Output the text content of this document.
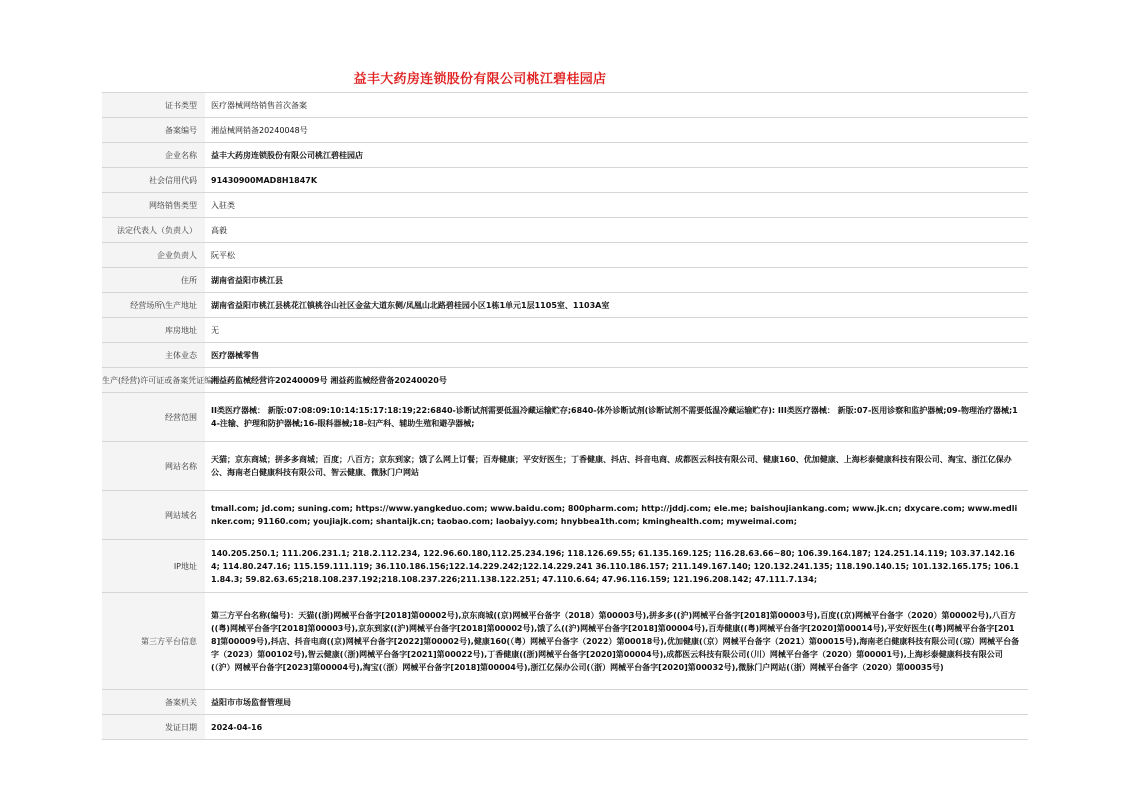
益丰大药房连锁股份有限公司桃江碧桂园店
证书类型	医疗器械网络销售首次备案
备案编号	湘益械网销备20240048号
企业名称	益丰大药房连锁股份有限公司桃江碧桂园店
社会信用代码	91430900MAD8H1847K
网络销售类型	入驻类
法定代表人（负责人）	高毅
企业负责人	阮平松
住所	湖南省益阳市桃江县
经营场所\生产地址	湖南省益阳市桃江县桃花江镇桃谷山社区金盆大道东侧/凤凰山北路碧桂园小区1栋1单元1层1105室、1103A室
库房地址	无
主体业态	医疗器械零售
生产(经营)许可证或备案凭证编号	湘益药监械经营许20240009号 湘益药监械经营备20240020号
经营范围	II类医疗器械： 新版:07:08:09:10:14:15:17:18:19;22:6840-诊断试剂需要低温冷藏运输贮存;6840-体外诊断试剂(诊断试剂不需要低温冷藏运输贮存): III类医疗器械： 新版:07-医用诊察和监护器械;09-物理治疗器械;14-注输、护理和防护器械;16-眼科器械;18-妇产科、辅助生殖和避孕器械;
网站名称	天猫；京东商城；拼多多商城；百度；八百方；京东到家；饿了么网上订餐；百寿健康；平安好医生；丁香健康、抖店、抖音电商、成都医云科技有限公司、健康160、优加健康、上海杉泰健康科技有限公司、淘宝、浙江亿保办公、海南老白健康科技有限公司、智云健康、微脉门户网站
网站域名	tmall.com; jd.com; suning.com; https://www.yangkeduo.com; www.baidu.com; 800pharm.com; http://jddj.com; ele.me; baishoujiankang.com; www.jk.cn; dxycare.com; www.medlinker.com; 91160.com; youjiajk.com; shantaijk.cn; taobao.com; laobaiyy.com; hnybbea1th.com; kminghealth.com; myweimai.com;
IP地址	140.205.250.1; 111.206.231.1; 218.2.112.234, 122.96.60.180,112.25.234.196; 118.126.69.55; 61.135.169.125; 116.28.63.66~80; 106.39.164.187; 124.251.14.119; 103.37.142.164; 114.80.247.16; 115.159.111.119; 36.110.186.156;122.14.229.242;122.14.229.241 36.110.186.157; 211.149.167.140; 120.132.241.135; 118.190.140.15; 101.132.165.175; 106.11.84.3; 59.82.63.65;218.108.237.192;218.108.237.226;211.138.122.251; 47.110.6.64; 47.96.116.159; 121.196.208.142; 47.111.7.134;
第三方平台信息	第三方平台名称(编号)：天猫((浙)网械平台备字[2018]第00002号),京东商城((京)网械平台备字（2018）第00003号),拼多多((沪)网械平台备字[2018]第00003号),百度((京)网械平台备字（2020）第00002号),八百方((粤)网械平台备字[2018]第00003号),京东到家((沪)网械平台备字[2018]第00002号),饿了么((沪)网械平台备字[2018]第00004号),百寿健康((粤)网械平台备字[2020]第00014号),平安好医生((粤)网械平台备字[2018]第00009号),抖店、抖音电商((京)网械平台备字[2022]第00002号),健康160(（粤）网械平台备字（2022）第00018号),优加健康(（京）网械平台备字（2021）第00015号),海南老白健康科技有限公司(（琼）网械平台备字（2023）第00102号),智云健康(（浙)网械平台备字[2021]第00022号),丁香健康((浙)网械平台备字[2020]第00004号),成都医云科技有限公司(（川）网械平台备字（2020）第00001号),上海杉泰健康科技有限公司(（沪）网械平台备字[2023]第00004号),淘宝(（浙）网械平台备字[2018]第00004号),浙江亿保办公司(（浙）网械平台备字[2020]第00032号),微脉门户网站(（浙）网械平台备字（2020）第00035号)
备案机关	益阳市市场监督管理局
发证日期	2024-04-16
